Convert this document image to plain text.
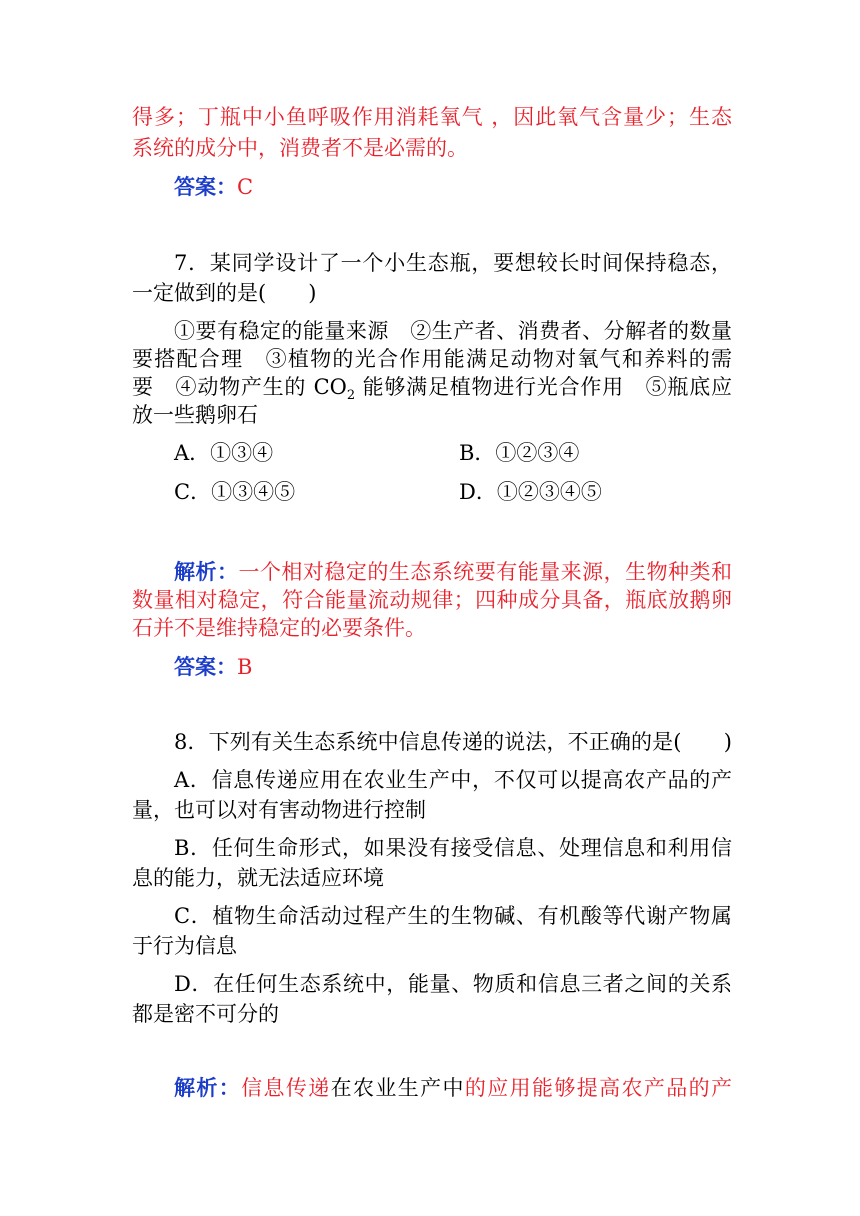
得多；丁瓶中小鱼呼吸作用消耗氧气 ，因此氧气含量少；生态
系统的成分中，消费者不是必需的。
答案：C
7．某同学设计了一个小生态瓶，要想较长时间保持稳态，
一定做到的是(　　)
①要有稳定的能量来源　②生产者、消费者、分解者的数量
要搭配合理　③植物的光合作用能满足动物对氧气和养料的需
要　④动物产生的 $CO_2$ 能够满足植物进行光合作用　⑤瓶底应
放一些鹅卵石
A．①③④	B．①②③④
C．①③④⑤	D．①②③④⑤
解析：一个相对稳定的生态系统要有能量来源，生物种类和
数量相对稳定，符合能量流动规律；四种成分具备，瓶底放鹅卵
石并不是维持稳定的必要条件。
答案：B
8．下列有关生态系统中信息传递的说法，不正确的是(　　)
A．信息传递应用在农业生产中，不仅可以提高农产品的产
量，也可以对有害动物进行控制
B．任何生命形式，如果没有接受信息、处理信息和利用信
息的能力，就无法适应环境
C．植物生命活动过程产生的生物碱、有机酸等代谢产物属
于行为信息
D．在任何生态系统中，能量、物质和信息三者之间的关系
都是密不可分的
解析：信息传递在农业生产中的应用能够提高农产品的产
